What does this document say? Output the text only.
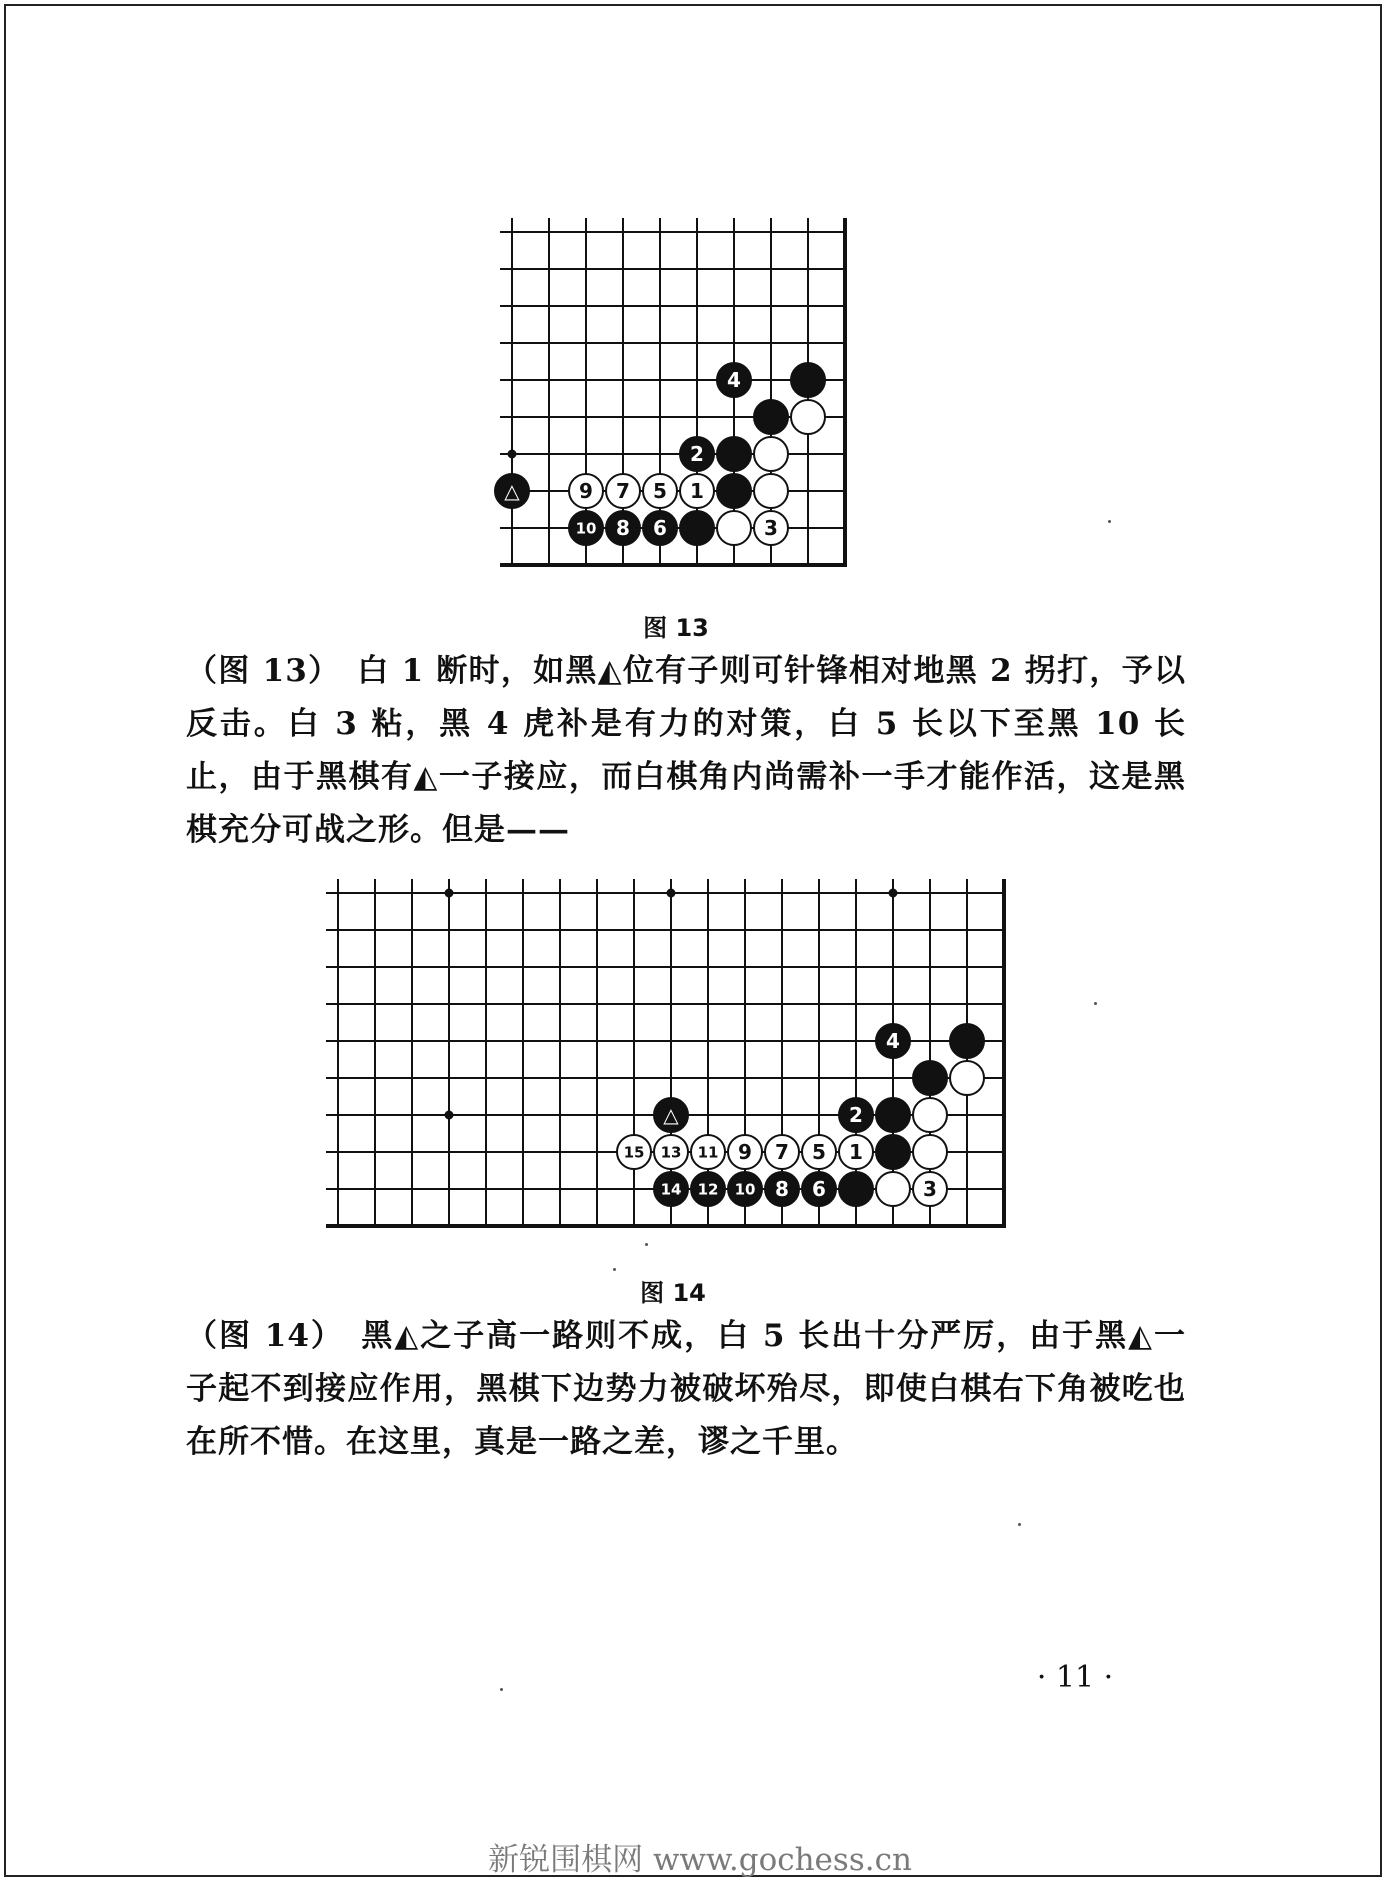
4
2
△	9 7 5 1
10 8 6	3
图 13

（图 13）　白 1 断时，如黑◭位有子则可针锋相对地黑 2 拐打，予以反击。白 3 粘，黑 4 虎补是有力的对策，白 5 长以下至黑 10 长止，由于黑棋有◭一子接应，而白棋角内尚需补一手才能作活，这是黑棋充分可战之形。但是——

4
△	2
15 13 11 9 7 5 1
14 12 10 8 6	3
图 14

（图 14）　黑◭之子高一路则不成，白 5 长出十分严厉，由于黑◭一子起不到接应作用，黑棋下边势力被破坏殆尽，即使白棋右下角被吃也在所不惜。在这里，真是一路之差，谬之千里。

· 11 ·
新锐围棋网 www.gochess.cn
